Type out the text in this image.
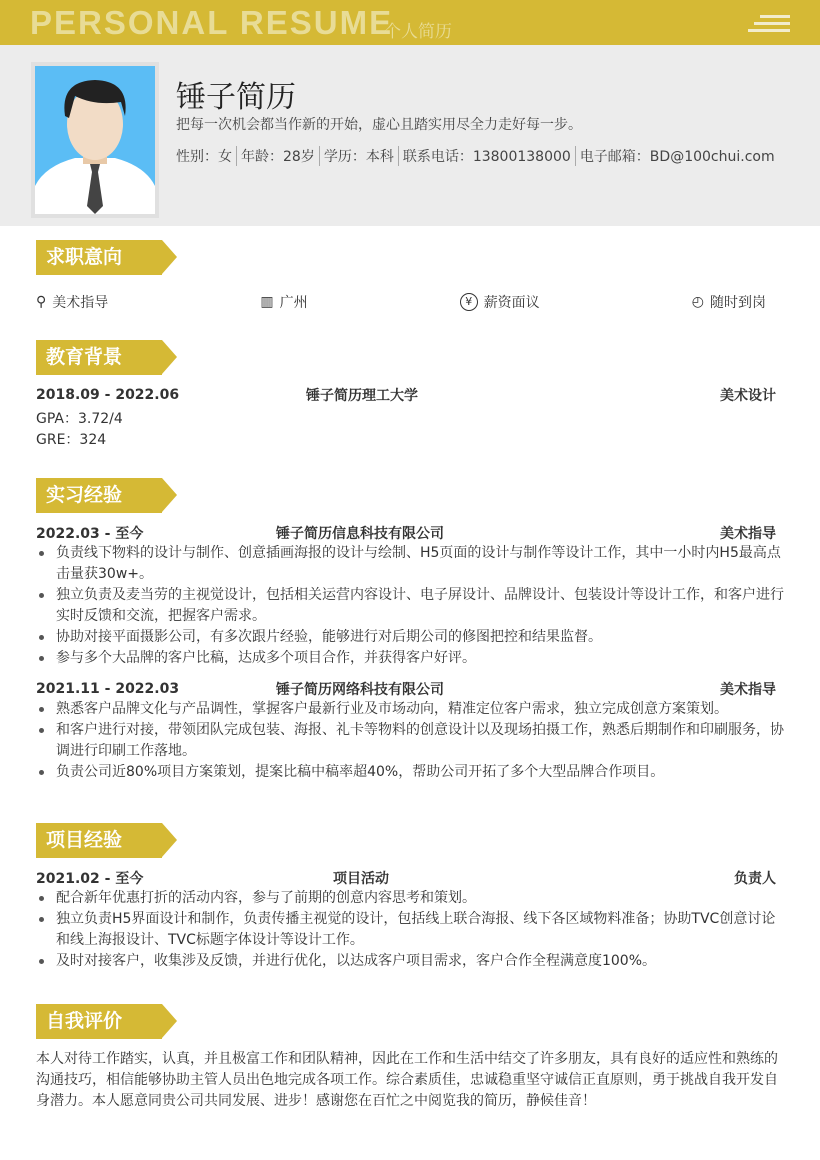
PERSONAL RESUME
个人简历
锤子简历
把每一次机会都当作新的开始，虚心且踏实用尽全力走好每一步。
性别：女 年龄：28岁 学历：本科 联系电话：13800138000 电子邮箱：BD@100chui.com
求职意向
⚲ 美术指导	▥ 广州	¥ 薪资面议	◴ 随时到岗
教育背景
2018.09 - 2022.06	锤子简历理工大学	美术设计
GPA：3.72/4
GRE：324
实习经验
2022.03 - 至今	锤子简历信息科技有限公司	美术指导
负责线下物料的设计与制作、创意插画海报的设计与绘制、H5页面的设计与制作等设计工作，其中一小时内H5最高点击量获30w+。
独立负责及麦当劳的主视觉设计，包括相关运营内容设计、电子屏设计、品牌设计、包装设计等设计工作，和客户进行实时反馈和交流，把握客户需求。
协助对接平面摄影公司，有多次跟片经验，能够进行对后期公司的修图把控和结果监督。
参与多个大品牌的客户比稿，达成多个项目合作，并获得客户好评。
2021.11 - 2022.03	锤子简历网络科技有限公司	美术指导
熟悉客户品牌文化与产品调性，掌握客户最新行业及市场动向，精准定位客户需求，独立完成创意方案策划。
和客户进行对接，带领团队完成包装、海报、礼卡等物料的创意设计以及现场拍摄工作，熟悉后期制作和印刷服务，协调进行印刷工作落地。
负责公司近80%项目方案策划，提案比稿中稿率超40%，帮助公司开拓了多个大型品牌合作项目。
项目经验
2021.02 - 至今	项目活动	负责人
配合新年优惠打折的活动内容，参与了前期的创意内容思考和策划。
独立负责H5界面设计和制作，负责传播主视觉的设计，包括线上联合海报、线下各区域物料准备；协助TVC创意讨论和线上海报设计、TVC标题字体设计等设计工作。
及时对接客户，收集涉及反馈，并进行优化，以达成客户项目需求，客户合作全程满意度100%。
自我评价

本人对待工作踏实，认真，并且极富工作和团队精神，因此在工作和生活中结交了许多朋友，具有良好的适应性和熟练的沟通技巧，相信能够协助主管人员出色地完成各项工作。综合素质佳，忠诚稳重坚守诚信正直原则，勇于挑战自我开发自身潜力。本人愿意同贵公司共同发展、进步！感谢您在百忙之中阅览我的简历，静候佳音！
